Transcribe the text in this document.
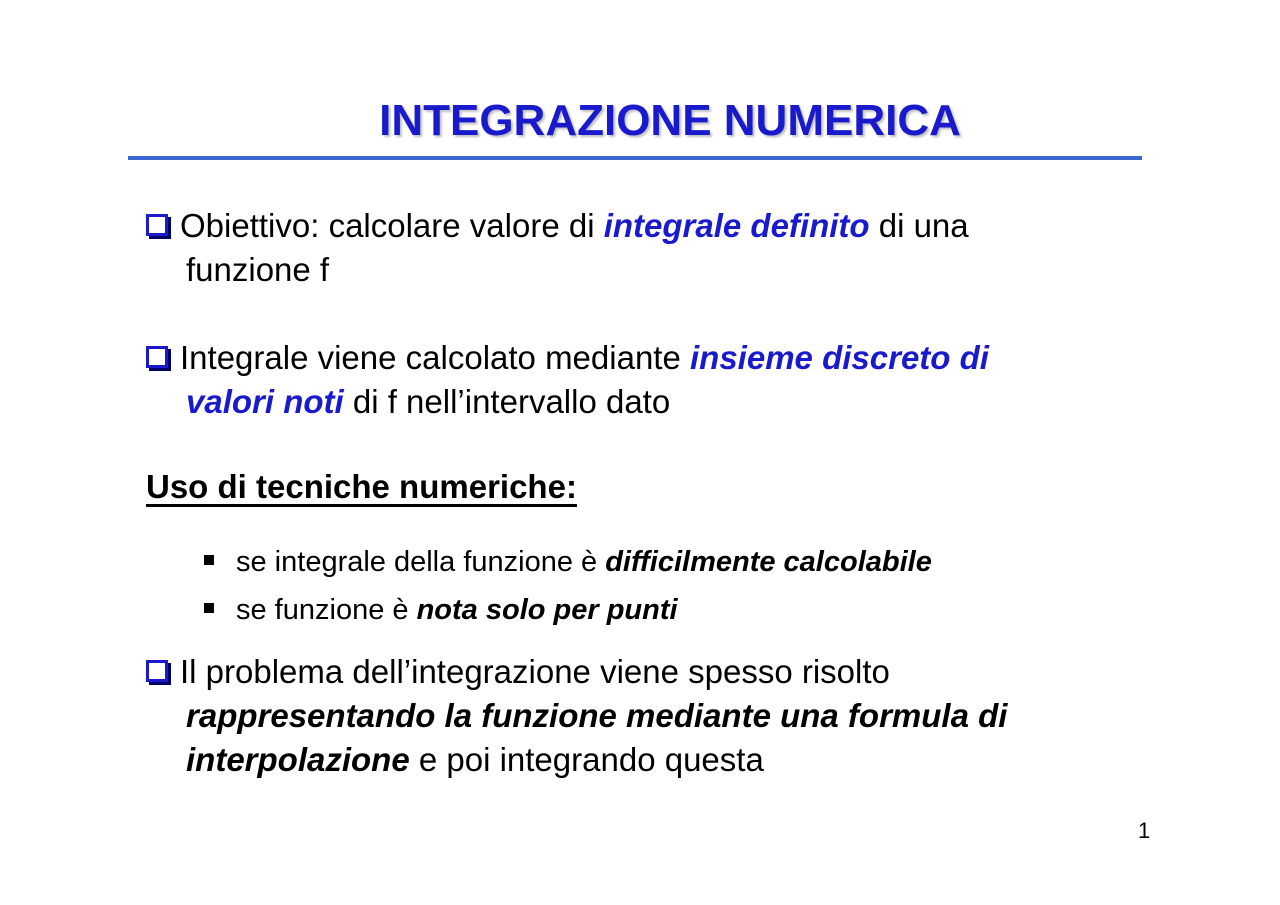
INTEGRAZIONE NUMERICA
Obiettivo: calcolare valore di integrale definito di una
funzione f
Integrale viene calcolato mediante insieme discreto di
valori noti di f nell’intervallo dato
Uso di tecniche numeriche:
se integrale della funzione è difficilmente calcolabile
se funzione è nota solo per punti
Il problema dell’integrazione viene spesso risolto
rappresentando la funzione mediante una formula di
interpolazione e poi integrando questa
1
